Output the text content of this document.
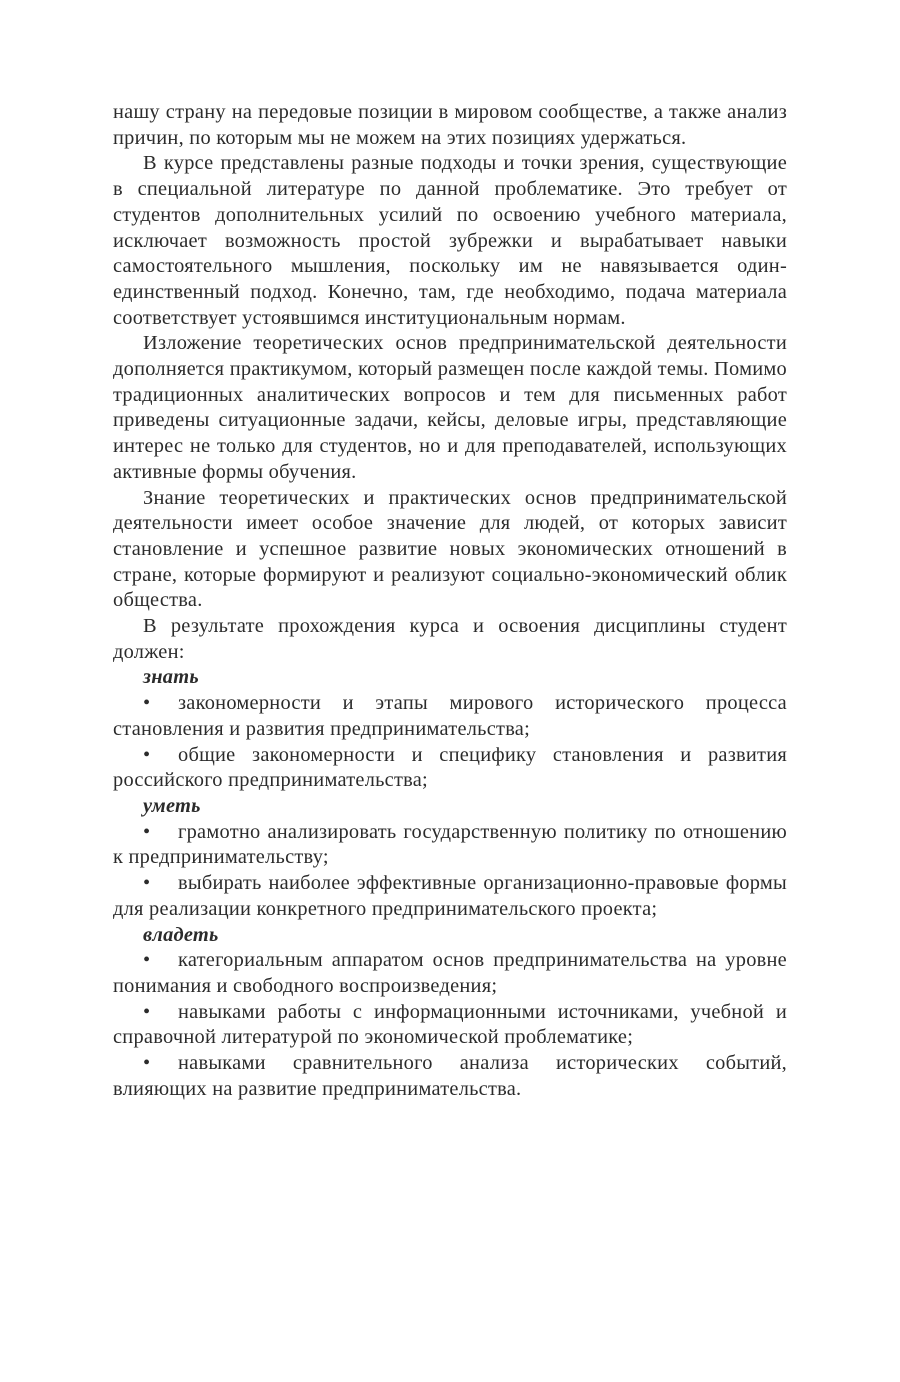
нашу страну на передовые позиции в мировом сообществе, а также анализ причин, по которым мы не можем на этих позициях удержаться.

В курсе представлены разные подходы и точки зрения, существующие в специальной литературе по данной проблематике. Это требует от студентов дополнительных усилий по освоению учебного материала, исключает возможность простой зубрежки и вырабатывает навыки самостоятельного мышления, поскольку им не навязывается один-единственный подход. Конечно, там, где необходимо, подача материала соответствует устоявшимся институциональным нормам.

Изложение теоретических основ предпринимательской деятельности дополняется практикумом, который размещен после каждой темы. Помимо традиционных аналитических вопросов и тем для письменных работ приведены ситуационные задачи, кейсы, деловые игры, представляющие интерес не только для студентов, но и для преподавателей, использующих активные формы обучения.

Знание теоретических и практических основ предпринимательской деятельности имеет особое значение для людей, от которых зависит становление и успешное развитие новых экономических отношений в стране, которые формируют и реализуют социально-экономический облик общества.

В результате прохождения курса и освоения дисциплины студент должен:

знать

• закономерности и этапы мирового исторического процесса становления и развития предпринимательства;

• общие закономерности и специфику становления и развития российского предпринимательства;

уметь

• грамотно анализировать государственную политику по отношению к предпринимательству;

• выбирать наиболее эффективные организационно-правовые формы для реализации конкретного предпринимательского проекта;

владеть

• категориальным аппаратом основ предпринимательства на уровне понимания и свободного воспроизведения;

• навыками работы с информационными источниками, учебной и справочной литературой по экономической проблематике;

• навыками сравнительного анализа исторических событий, влияющих на развитие предпринимательства.
